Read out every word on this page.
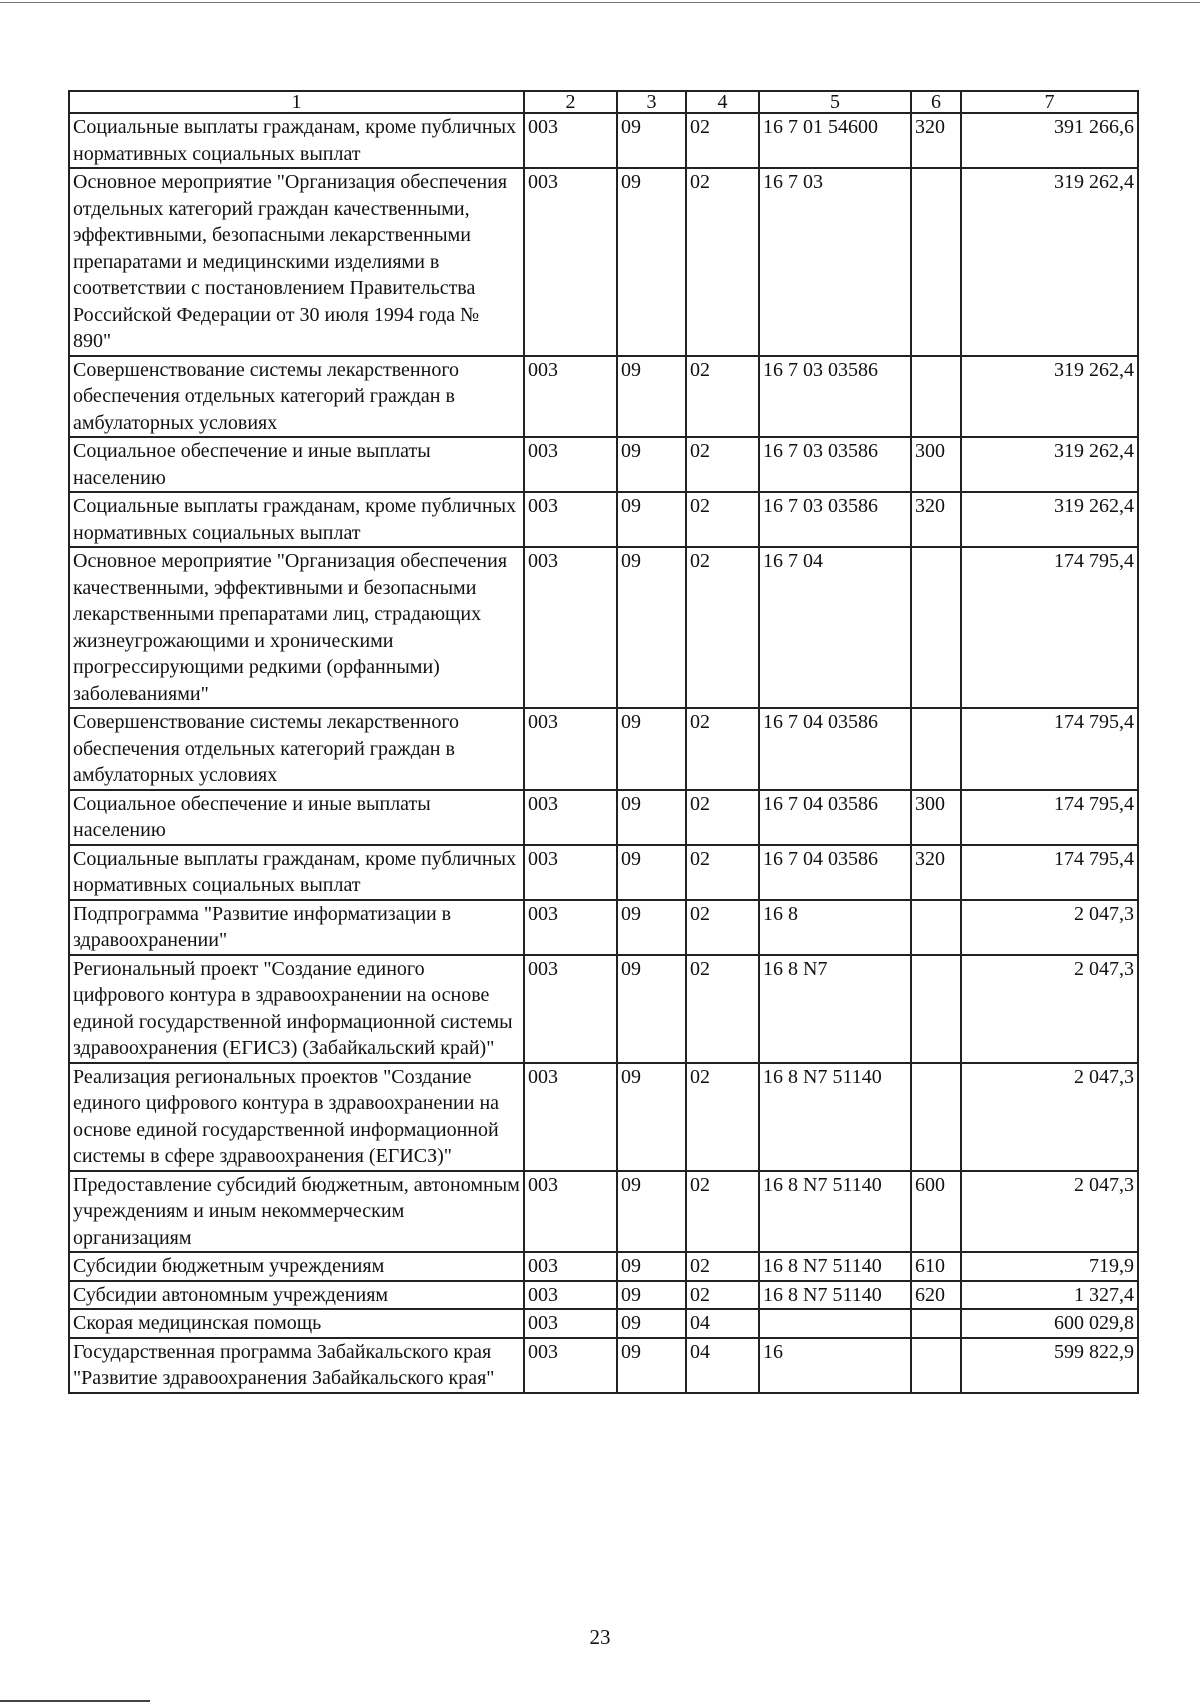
1	2	3	4	5	6	7
Социальные выплаты гражданам, кроме публичных нормативных социальных выплат	003	09	02	16 7 01 54600	320	391 266,6
Основное мероприятие "Организация обеспечения отдельных категорий граждан качественными, эффективными, безопасными лекарственными препаратами и медицинскими изделиями в соответствии с постановлением Правительства Российской Федерации от 30 июля 1994 года № 890"	003	09	02	16 7 03		319 262,4
Совершенствование системы лекарственного обеспечения отдельных категорий граждан в амбулаторных условиях	003	09	02	16 7 03 03586		319 262,4
Социальное обеспечение и иные выплаты населению	003	09	02	16 7 03 03586	300	319 262,4
Социальные выплаты гражданам, кроме публичных нормативных социальных выплат	003	09	02	16 7 03 03586	320	319 262,4
Основное мероприятие "Организация обеспечения качественными, эффективными и безопасными лекарственными препаратами лиц, страдающих жизнеугрожающими и хроническими прогрессирующими редкими (орфанными) заболеваниями"	003	09	02	16 7 04		174 795,4
Совершенствование системы лекарственного обеспечения отдельных категорий граждан в амбулаторных условиях	003	09	02	16 7 04 03586		174 795,4
Социальное обеспечение и иные выплаты населению	003	09	02	16 7 04 03586	300	174 795,4
Социальные выплаты гражданам, кроме публичных нормативных социальных выплат	003	09	02	16 7 04 03586	320	174 795,4
Подпрограмма "Развитие информатизации в здравоохранении"	003	09	02	16 8		2 047,3
Региональный проект "Создание единого цифрового контура в здравоохранении на основе единой государственной информационной системы здравоохранения (ЕГИСЗ) (Забайкальский край)"	003	09	02	16 8 N7		2 047,3
Реализация региональных проектов "Создание единого цифрового контура в здравоохранении на основе единой государственной информационной системы в сфере здравоохранения (ЕГИСЗ)"	003	09	02	16 8 N7 51140		2 047,3
Предоставление субсидий бюджетным, автономным учреждениям и иным некоммерческим организациям	003	09	02	16 8 N7 51140	600	2 047,3
Субсидии бюджетным учреждениям	003	09	02	16 8 N7 51140	610	719,9
Субсидии автономным учреждениям	003	09	02	16 8 N7 51140	620	1 327,4
Скорая медицинская помощь	003	09	04			600 029,8
Государственная программа Забайкальского края "Развитие здравоохранения Забайкальского края"	003	09	04	16		599 822,9
23
